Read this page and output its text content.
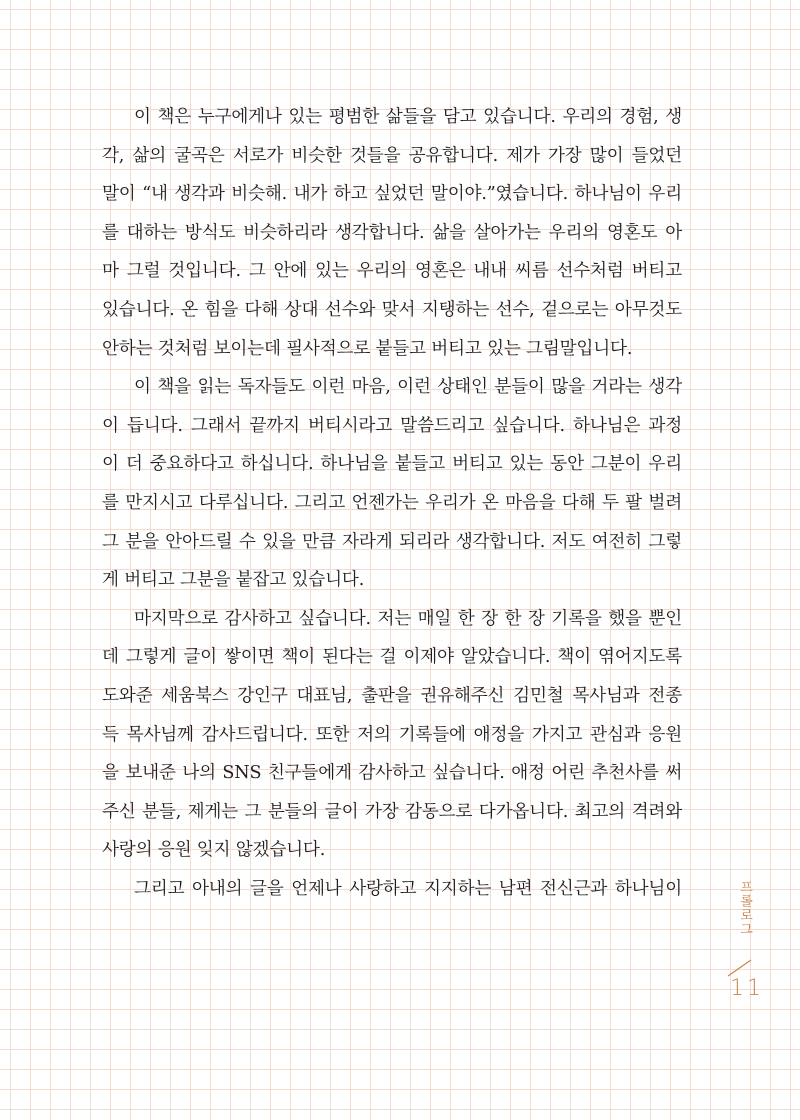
이 책은 누구에게나 있는 평범한 삶들을 담고 있습니다. 우리의 경험, 생
각, 삶의 굴곡은 서로가 비슷한 것들을 공유합니다. 제가 가장 많이 들었던
말이 “내 생각과 비슷해. 내가 하고 싶었던 말이야.”였습니다. 하나님이 우리
를 대하는 방식도 비슷하리라 생각합니다. 삶을 살아가는 우리의 영혼도 아
마 그럴 것입니다. 그 안에 있는 우리의 영혼은 내내 씨름 선수처럼 버티고
있습니다. 온 힘을 다해 상대 선수와 맞서 지탱하는 선수, 겉으로는 아무것도
안하는 것처럼 보이는데 필사적으로 붙들고 버티고 있는 그림말입니다.
이 책을 읽는 독자들도 이런 마음, 이런 상태인 분들이 많을 거라는 생각
이 듭니다. 그래서 끝까지 버티시라고 말씀드리고 싶습니다. 하나님은 과정
이 더 중요하다고 하십니다. 하나님을 붙들고 버티고 있는 동안 그분이 우리
를 만지시고 다루십니다. 그리고 언젠가는 우리가 온 마음을 다해 두 팔 벌려
그 분을 안아드릴 수 있을 만큼 자라게 되리라 생각합니다. 저도 여전히 그렇
게 버티고 그분을 붙잡고 있습니다.
마지막으로 감사하고 싶습니다. 저는 매일 한 장 한 장 기록을 했을 뿐인
데 그렇게 글이 쌓이면 책이 된다는 걸 이제야 알았습니다. 책이 엮어지도록
도와준 세움북스 강인구 대표님, 출판을 권유해주신 김민철 목사님과 전종
득 목사님께 감사드립니다. 또한 저의 기록들에 애정을 가지고 관심과 응원
을 보내준 나의 SNS 친구들에게 감사하고 싶습니다. 애정 어린 추천사를 써
주신 분들, 제게는 그 분들의 글이 가장 감동으로 다가옵니다. 최고의 격려와
사랑의 응원 잊지 않겠습니다.
그리고 아내의 글을 언제나 사랑하고 지지하는 남편 전신근과 하나님이	프롤로그
11
